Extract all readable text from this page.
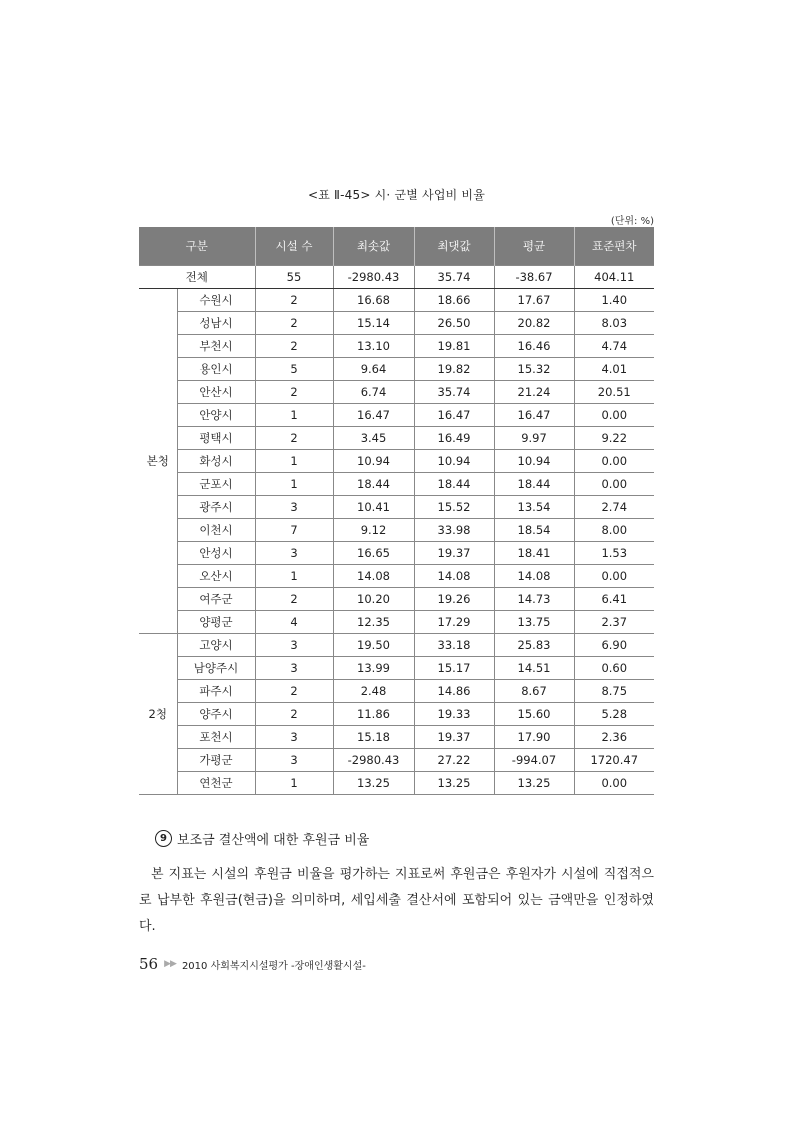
<표 Ⅱ-45> 시· 군별 사업비 비율
(단위: %)
구분		시설 수	최솟값	최댓값	평균	표준편차
전체		55	-2980.43	35.74	-38.67	404.11
본청	수원시	2	16.68	18.66	17.67	1.40
	성남시	2	15.14	26.50	20.82	8.03
	부천시	2	13.10	19.81	16.46	4.74
	용인시	5	9.64	19.82	15.32	4.01
	안산시	2	6.74	35.74	21.24	20.51
	안양시	1	16.47	16.47	16.47	0.00
	평택시	2	3.45	16.49	9.97	9.22
	화성시	1	10.94	10.94	10.94	0.00
	군포시	1	18.44	18.44	18.44	0.00
	광주시	3	10.41	15.52	13.54	2.74
	이천시	7	9.12	33.98	18.54	8.00
	안성시	3	16.65	19.37	18.41	1.53
	오산시	1	14.08	14.08	14.08	0.00
	여주군	2	10.20	19.26	14.73	6.41
	양평군	4	12.35	17.29	13.75	2.37
2청	고양시	3	19.50	33.18	25.83	6.90
	남양주시	3	13.99	15.17	14.51	0.60
	파주시	2	2.48	14.86	8.67	8.75
	양주시	2	11.86	19.33	15.60	5.28
	포천시	3	15.18	19.37	17.90	2.36
	가평군	3	-2980.43	27.22	-994.07	1720.47
	연천군	1	13.25	13.25	13.25	0.00
9 보조금 결산액에 대한 후원금 비율
본 지표는 시설의 후원금 비율을 평가하는 지표로써 후원금은 후원자가 시설에 직접적으로 납부한 후원금(현금)을 의미하며, 세입세출 결산서에 포함되어 있는 금액만을 인정하였다.
56 ▶▶ 2010 사회복지시설평가 -장애인생활시설-
